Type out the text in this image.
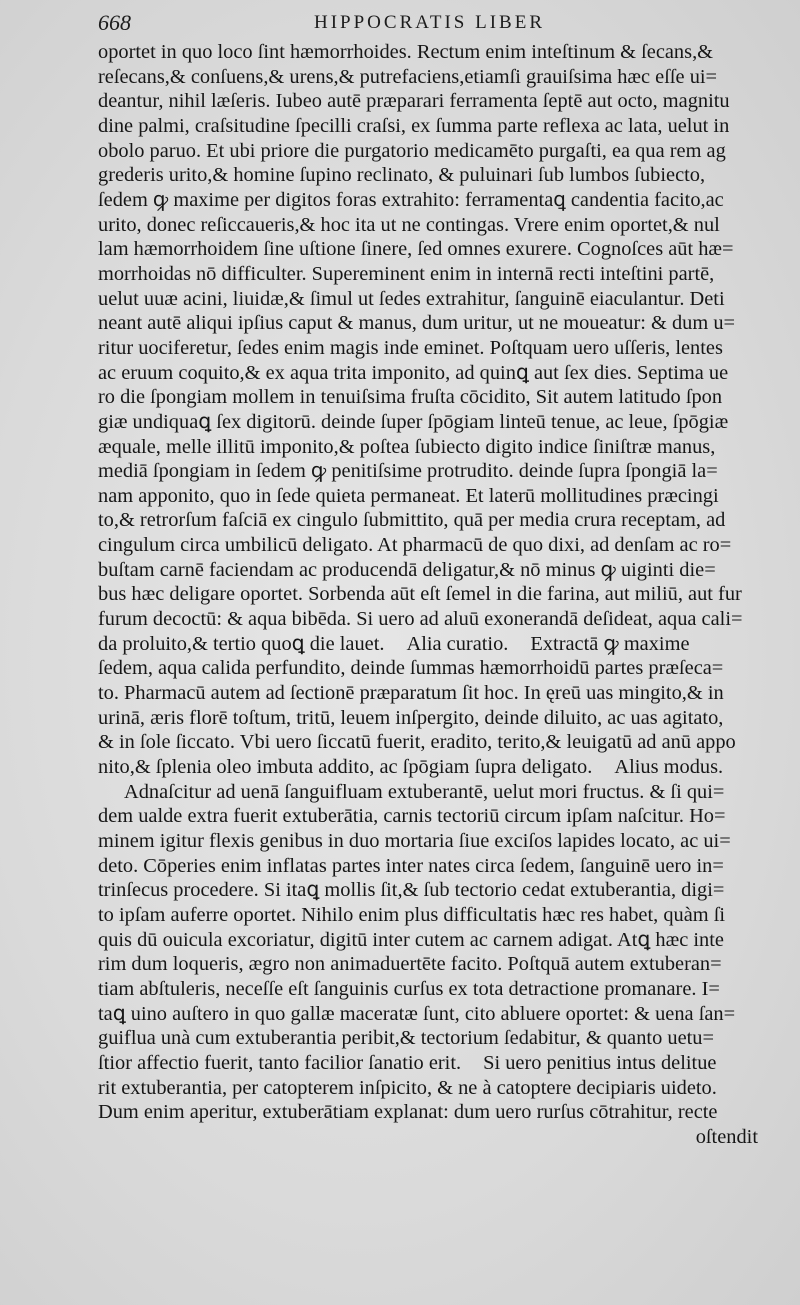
668	HIPPOCRATIS LIBER
oportet in quo loco ſint hæmorrhoides. Rectum enim inteſtinum & ſecans,&
reſecans,& conſuens,& urens,& putrefaciens,etiamſi grauiſsima hæc eſſe ui=
deantur, nihil læſeris. Iubeo autē præparari ferramenta ſeptē aut octo, magnitu
dine palmi, craſsitudine ſpecilli craſsi, ex ſumma parte reflexa ac lata, uelut in
obolo paruo. Et ubi priore die purgatorio medicamēto purgaſti, ea qua rem ag
grederis urito,& homine ſupino reclinato, & puluinari ſub lumbos ſubiecto,
ſedem ꝙ maxime per digitos foras extrahito: ferramentaꝗ candentia facito,ac
urito, donec reſiccaueris,& hoc ita ut ne contingas. Vrere enim oportet,& nul
lam hæmorrhoidem ſine uſtione ſinere, ſed omnes exurere. Cognoſces aūt hæ=
morrhoidas nō difficulter. Supereminent enim in internā recti inteſtini partē,
uelut uuæ acini, liuidæ,& ſimul ut ſedes extrahitur, ſanguinē eiaculantur. Deti
neant autē aliqui ipſius caput & manus, dum uritur, ut ne moueatur: & dum u=
ritur uociferetur, ſedes enim magis inde eminet. Poſtquam uero uſſeris, lentes
ac eruum coquito,& ex aqua trita imponito, ad quinꝗ aut ſex dies. Septima ue
ro die ſpongiam mollem in tenuiſsima fruſta cōcidito, Sit autem latitudo ſpon
giæ undiquaꝗ ſex digitorū. deinde ſuper ſpōgiam linteū tenue, ac leue, ſpōgiæ
æquale, melle illitū imponito,& poſtea ſubiecto digito indice ſiniſtræ manus,
mediā ſpongiam in ſedem ꝙ penitiſsime protrudito. deinde ſupra ſpongiā la=
nam apponito, quo in ſede quieta permaneat. Et laterū mollitudines præcingi
to,& retrorſum faſciā ex cingulo ſubmittito, quā per media crura receptam, ad
cingulum circa umbilicū deligato. At pharmacū de quo dixi, ad denſam ac ro=
buſtam carnē faciendam ac producendā deligatur,& nō minus ꝙ uiginti die=
bus hæc deligare oportet. Sorbenda aūt eſt ſemel in die farina, aut miliū, aut fur
furum decoctū: & aqua bibēda. Si uero ad aluū exonerandā deſideat, aqua cali=
da proluito,& tertio quoꝗ die lauet. Alia curatio. Extractā ꝙ maxime
ſedem, aqua calida perfundito, deinde ſummas hæmorrhoidū partes præſeca=
to. Pharmacū autem ad ſectionē præparatum ſit hoc. In ęreū uas mingito,& in
urinā, æris florē toſtum, tritū, leuem inſpergito, deinde diluito, ac uas agitato,
& in ſole ſiccato. Vbi uero ſiccatū fuerit, eradito, terito,& leuigatū ad anū appo
nito,& ſplenia oleo imbuta addito, ac ſpōgiam ſupra deligato. Alius modus.
Adnaſcitur ad uenā ſanguifluam extuberantē, uelut mori fructus. & ſi qui=
dem ualde extra fuerit extuberātia, carnis tectoriū circum ipſam naſcitur. Ho=
minem igitur flexis genibus in duo mortaria ſiue exciſos lapides locato, ac ui=
deto. Cōperies enim inflatas partes inter nates circa ſedem, ſanguinē uero in=
trinſecus procedere. Si itaꝗ mollis ſit,& ſub tectorio cedat extuberantia, digi=
to ipſam auferre oportet. Nihilo enim plus difficultatis hæc res habet, quàm ſi
quis dū ouicula excoriatur, digitū inter cutem ac carnem adigat. Atꝗ hæc inte
rim dum loqueris, ægro non animaduertēte facito. Poſtquā autem extuberan=
tiam abſtuleris, neceſſe eſt ſanguinis curſus ex tota detractione promanare. I=
taꝗ uino auſtero in quo gallæ maceratæ ſunt, cito abluere oportet: & uena ſan=
guiflua unà cum extuberantia peribit,& tectorium ſedabitur, & quanto uetu=
ſtior affectio fuerit, tanto facilior ſanatio erit. Si uero penitius intus delitue
rit extuberantia, per catopterem inſpicito, & ne à catoptere decipiaris uideto.
Dum enim aperitur, extuberātiam explanat: dum uero rurſus cōtrahitur, recte
oſtendit
